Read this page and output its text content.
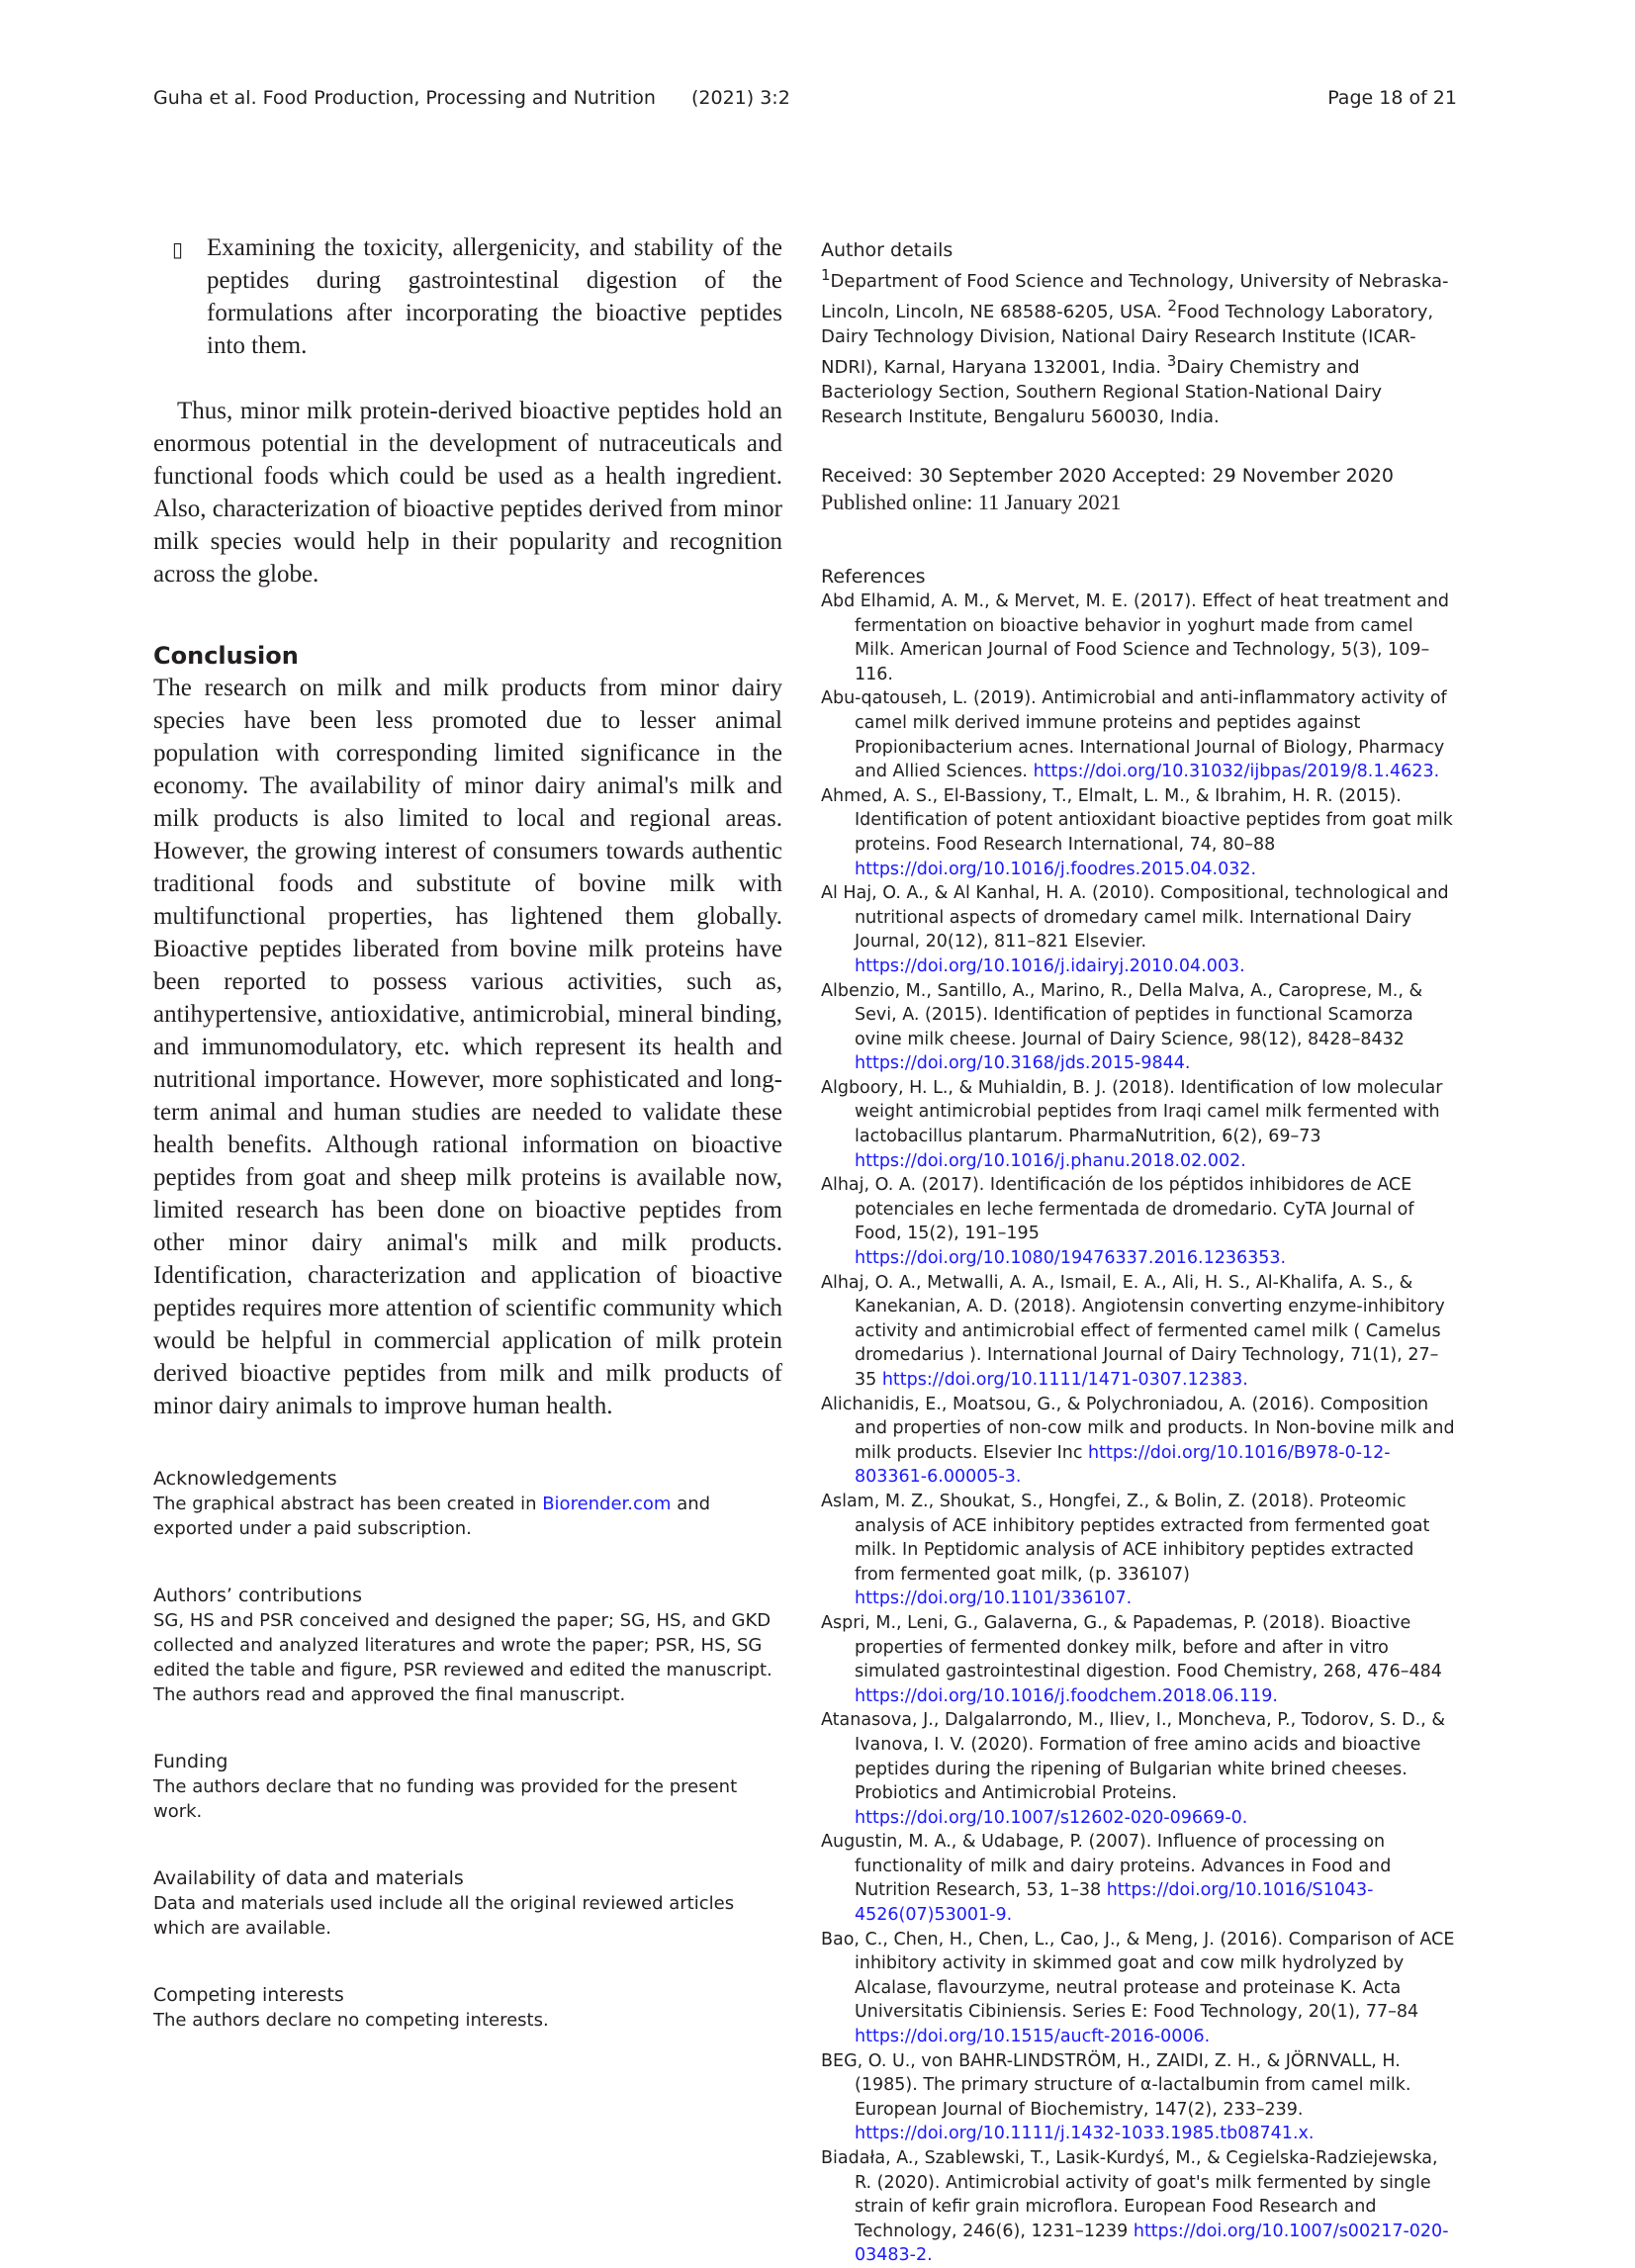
Guha et al. Food Production, Processing and Nutrition (2021) 3:2	Page 18 of 21
▯ Examining the toxicity, allergenicity, and stability of the peptides during gastrointestinal digestion of the formulations after incorporating the bioactive peptides into them.

Thus, minor milk protein-derived bioactive peptides hold an enormous potential in the development of nutraceuticals and functional foods which could be used as a health ingredient. Also, characterization of bioactive peptides derived from minor milk species would help in their popularity and recognition across the globe.

Conclusion

The research on milk and milk products from minor dairy species have been less promoted due to lesser animal population with corresponding limited significance in the economy. The availability of minor dairy animal's milk and milk products is also limited to local and regional areas. However, the growing interest of consumers towards authentic traditional foods and substitute of bovine milk with multifunctional properties, has lightened them globally. Bioactive peptides liberated from bovine milk proteins have been reported to possess various activities, such as, antihypertensive, antioxidative, antimicrobial, mineral binding, and immunomodulatory, etc. which represent its health and nutritional importance. However, more sophisticated and long-term animal and human studies are needed to validate these health benefits. Although rational information on bioactive peptides from goat and sheep milk proteins is available now, limited research has been done on bioactive peptides from other minor dairy animal's milk and milk products. Identification, characterization and application of bioactive peptides requires more attention of scientific community which would be helpful in commercial application of milk protein derived bioactive peptides from milk and milk products of minor dairy animals to improve human health.

Acknowledgements

The graphical abstract has been created in Biorender.com and exported under a paid subscription.

Authors’ contributions

SG, HS and PSR conceived and designed the paper; SG, HS, and GKD collected and analyzed literatures and wrote the paper; PSR, HS, SG edited the table and figure, PSR reviewed and edited the manuscript. The authors read and approved the final manuscript.

Funding

The authors declare that no funding was provided for the present work.

Availability of data and materials

Data and materials used include all the original reviewed articles which are available.

Competing interests

The authors declare no competing interests.

Author details

$^1$Department of Food Science and Technology, University of Nebraska-Lincoln, Lincoln, NE 68588-6205, USA. $^2$Food Technology Laboratory, Dairy Technology Division, National Dairy Research Institute (ICAR-NDRI), Karnal, Haryana 132001, India. $^3$Dairy Chemistry and Bacteriology Section, Southern Regional Station-National Dairy Research Institute, Bengaluru 560030, India.

Received: 30 September 2020 Accepted: 29 November 2020

Published online: 11 January 2021

References

Abd Elhamid, A. M., & Mervet, M. E. (2017). Effect of heat treatment and fermentation on bioactive behavior in yoghurt made from camel Milk. American Journal of Food Science and Technology, 5(3), 109–116.

Abu-qatouseh, L. (2019). Antimicrobial and anti-inflammatory activity of camel milk derived immune proteins and peptides against Propionibacterium acnes. International Journal of Biology, Pharmacy and Allied Sciences. https://doi.org/10.31032/ijbpas/2019/8.1.4623.

Ahmed, A. S., El-Bassiony, T., Elmalt, L. M., & Ibrahim, H. R. (2015). Identification of potent antioxidant bioactive peptides from goat milk proteins. Food Research International, 74, 80–88 https://doi.org/10.1016/j.foodres.2015.04.032.

Al Haj, O. A., & Al Kanhal, H. A. (2010). Compositional, technological and nutritional aspects of dromedary camel milk. International Dairy Journal, 20(12), 811–821 Elsevier. https://doi.org/10.1016/j.idairyj.2010.04.003.

Albenzio, M., Santillo, A., Marino, R., Della Malva, A., Caroprese, M., & Sevi, A. (2015). Identification of peptides in functional Scamorza ovine milk cheese. Journal of Dairy Science, 98(12), 8428–8432 https://doi.org/10.3168/jds.2015-9844.

Algboory, H. L., & Muhialdin, B. J. (2018). Identification of low molecular weight antimicrobial peptides from Iraqi camel milk fermented with lactobacillus plantarum. PharmaNutrition, 6(2), 69–73 https://doi.org/10.1016/j.phanu.2018.02.002.

Alhaj, O. A. (2017). Identificación de los péptidos inhibidores de ACE potenciales en leche fermentada de dromedario. CyTA Journal of Food, 15(2), 191–195 https://doi.org/10.1080/19476337.2016.1236353.

Alhaj, O. A., Metwalli, A. A., Ismail, E. A., Ali, H. S., Al-Khalifa, A. S., & Kanekanian, A. D. (2018). Angiotensin converting enzyme-inhibitory activity and antimicrobial effect of fermented camel milk ( Camelus dromedarius ). International Journal of Dairy Technology, 71(1), 27–35 https://doi.org/10.1111/1471-0307.12383.

Alichanidis, E., Moatsou, G., & Polychroniadou, A. (2016). Composition and properties of non-cow milk and products. In Non-bovine milk and milk products. Elsevier Inc https://doi.org/10.1016/B978-0-12-803361-6.00005-3.

Aslam, M. Z., Shoukat, S., Hongfei, Z., & Bolin, Z. (2018). Proteomic analysis of ACE inhibitory peptides extracted from fermented goat milk. In Peptidomic analysis of ACE inhibitory peptides extracted from fermented goat milk, (p. 336107) https://doi.org/10.1101/336107.

Aspri, M., Leni, G., Galaverna, G., & Papademas, P. (2018). Bioactive properties of fermented donkey milk, before and after in vitro simulated gastrointestinal digestion. Food Chemistry, 268, 476–484 https://doi.org/10.1016/j.foodchem.2018.06.119.

Atanasova, J., Dalgalarrondo, M., Iliev, I., Moncheva, P., Todorov, S. D., & Ivanova, I. V. (2020). Formation of free amino acids and bioactive peptides during the ripening of Bulgarian white brined cheeses. Probiotics and Antimicrobial Proteins. https://doi.org/10.1007/s12602-020-09669-0.

Augustin, M. A., & Udabage, P. (2007). Influence of processing on functionality of milk and dairy proteins. Advances in Food and Nutrition Research, 53, 1–38 https://doi.org/10.1016/S1043-4526(07)53001-9.

Bao, C., Chen, H., Chen, L., Cao, J., & Meng, J. (2016). Comparison of ACE inhibitory activity in skimmed goat and cow milk hydrolyzed by Alcalase, flavourzyme, neutral protease and proteinase K. Acta Universitatis Cibiniensis. Series E: Food Technology, 20(1), 77–84 https://doi.org/10.1515/aucft-2016-0006.

BEG, O. U., von BAHR-LINDSTRÖM, H., ZAIDI, Z. H., & JÖRNVALL, H. (1985). The primary structure of α-lactalbumin from camel milk. European Journal of Biochemistry, 147(2), 233–239. https://doi.org/10.1111/j.1432-1033.1985.tb08741.x.

Biadała, A., Szablewski, T., Lasik-Kurdyś, M., & Cegielska-Radziejewska, R. (2020). Antimicrobial activity of goat's milk fermented by single strain of kefir grain microflora. European Food Research and Technology, 246(6), 1231–1239 https://doi.org/10.1007/s00217-020-03483-2.
